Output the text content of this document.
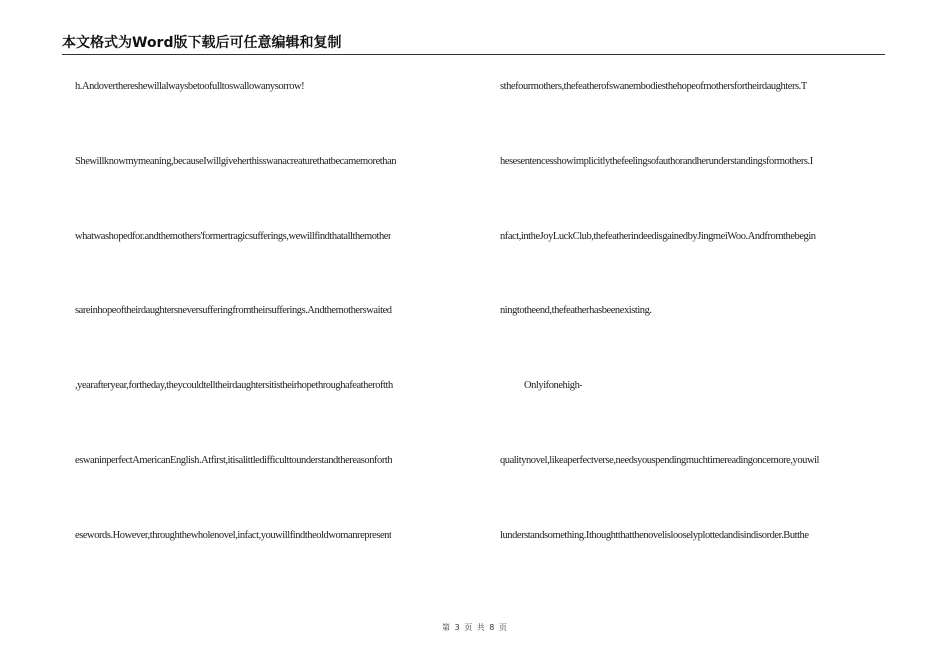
本文格式为Word版下载后可任意编辑和复制
h.Andoverthereshewillalwaysbetoofulltoswallowanysorrow!
Shewillknowmymeaning,becauseIwillgiveherthisswanacreaturethatbecamemorethan
whatwashopedfor.andthemothers'formertragicsufferings,wewillfindthatallthemother
sareinhopeoftheirdaughtersneversufferingfromtheirsufferings.Andthemotherswaited
,yearafteryear,fortheday,theycouldtelltheirdaughtersitistheirhopethroughafeatheroftth
eswaninperfectAmericanEnglish.Atfirst,itisalittledifficulttounderstandthereasonforth
esewords.However,throughthewholenovel,infact,youwillfindtheoldwomanrepresent
sthefourmothers,thefeatherofswanembodiesthehopeofmothersfortheirdaughters.T
hesesentencesshowimplicitlythefeelingsofauthorandherunderstandingsformothers.I
nfact,intheJoyLuckClub,thefeatherindeedisgainedbyJingmeiWoo.Andfromthebegin
ningtotheend,thefeatherhasbeenexisting.
Onlyifonehigh-
qualitynovel,likeaperfectverse,needsyouspendingmuchtimereadingoncemore,youwil
lunderstandsomething.Ithoughtthatthenovelislooselyplottedandisindisorder.Butthe
第 3 页 共 8 页
